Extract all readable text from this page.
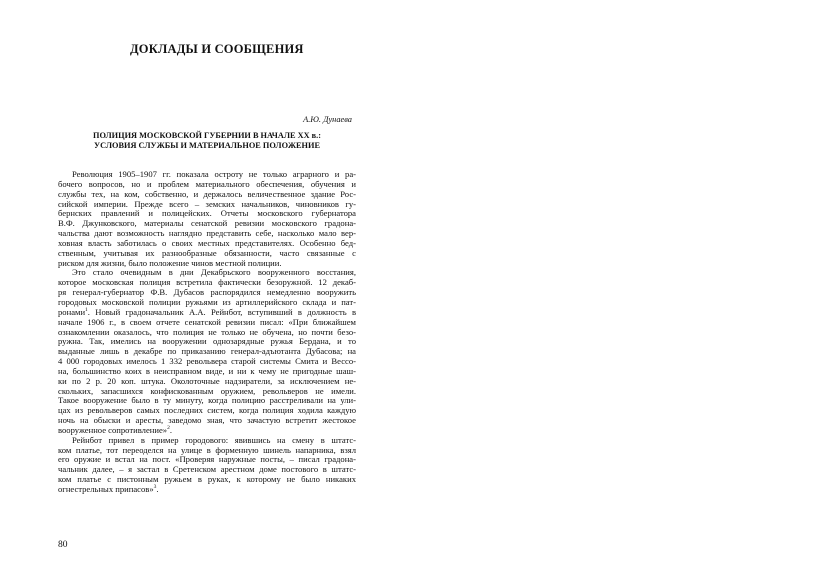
ДОКЛАДЫ И СООБЩЕНИЯ
А.Ю. Дунаева
ПОЛИЦИЯ МОСКОВСКОЙ ГУБЕРНИИ В НАЧАЛЕ XX в.:
УСЛОВИЯ СЛУЖБЫ И МАТЕРИАЛЬНОЕ ПОЛОЖЕНИЕ
Революция 1905–1907 гг. показала остроту не только аграрного и ра-
бочего вопросов, но и проблем материального обеспечения, обучения и
службы тех, на ком, собственно, и держалось величественное здание Рос-
сийской империи. Прежде всего – земских начальников, чиновников гу-
бернских правлений и полицейских. Отчеты московского губернатора
В.Ф. Джунковского, материалы сенатской ревизии московского градона-
чальства дают возможность наглядно представить себе, насколько мало вер-
ховная власть заботилась о своих местных представителях. Особенно бед-
ственным, учитывая их разнообразные обязанности, часто связанные с
риском для жизни, было положение чинов местной полиции.
Это стало очевидным в дни Декабрьского вооруженного восстания,
которое московская полиция встретила фактически безоружной. 12 декаб-
ря генерал-губернатор Ф.В. Дубасов распорядился немедленно вооружить
городовых московской полиции ружьями из артиллерийского склада и пат-
ронами$^1$. Новый градоначальник А.А. Рейнбот, вступивший в должность в
начале 1906 г., в своем отчете сенатской ревизии писал: «При ближайшем
ознакомлении оказалось, что полиция не только не обучена, но почти безо-
ружна. Так, имелись на вооружении однозарядные ружья Бердана, и то
выданные лишь в декабре по приказанию генерал-адъютанта Дубасова; на
4 000 городовых имелось 1 332 револьвера старой системы Смита и Вессо-
на, большинство коих в неисправном виде, и ни к чему не пригодные шаш-
ки по 2 р. 20 коп. штука. Околоточные надзиратели, за исключением не-
скольких, запасшихся конфискованным оружием, револьверов не имели.
Такое вооружение было в ту минуту, когда полицию расстреливали на ули-
цах из револьверов самых последних систем, когда полиция ходила каждую
ночь на обыски и аресты, заведомо зная, что зачастую встретит жестокое
вооруженное сопротивление»$^2$.
Рейнбот привел в пример городового: явившись на смену в штатс-
ком платье, тот переоделся на улице в форменную шинель напарника, взял
его оружие и встал на пост. «Проверяя наружные посты, – писал градона-
чальник далее, – я застал в Сретенском арестном доме постового в штатс-
ком платье с пистонным ружьем в руках, к которому не было никаких
огнестрельных припасов»$^3$.
80
